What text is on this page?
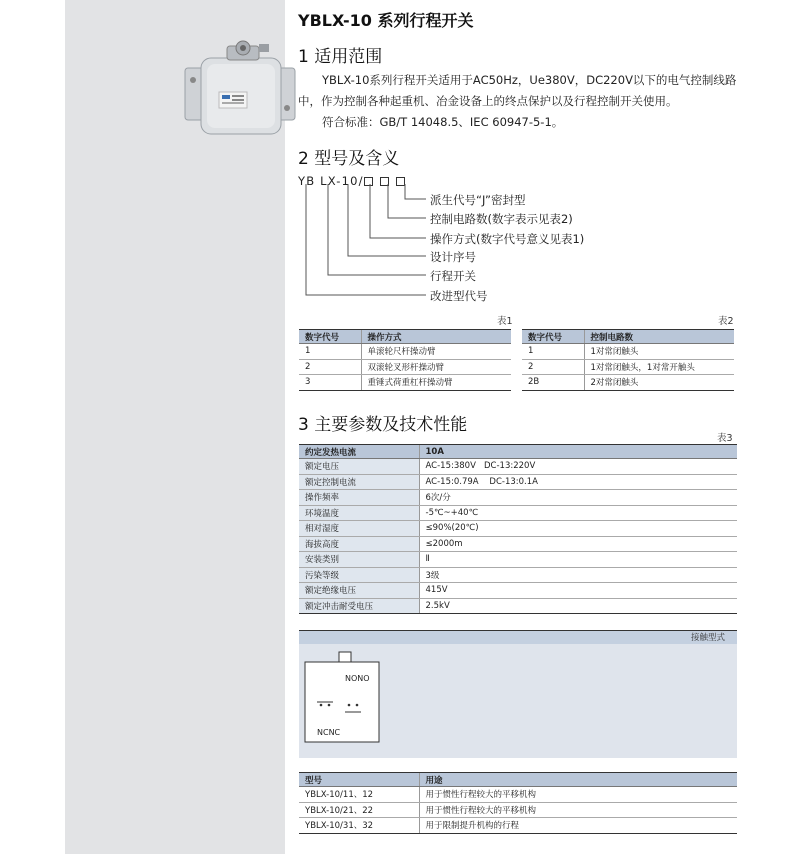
YBLX-10 系列行程开关
1 适用范围
YBLX-10系列行程开关适用于AC50Hz，Ue380V，DC220V以下的电气控制线路中，作为控制各种起重机、冶金设备上的终点保护以及行程控制开关使用。
符合标准：GB/T 14048.5、IEC 60947-5-1。
2 型号及含义
YB LX-10/
派生代号“J”密封型
控制电路数(数字表示见表2)
操作方式(数字代号意义见表1)
设计序号
行程开关
改进型代号
表1
数字代号	操作方式
1	单滚轮尺杆操动臂
2	双滚轮叉形杆操动臂
3	重锤式荷重杠杆操动臂
表2
数字代号	控制电路数
1	1对常闭触头
2	1对常闭触头，1对常开触头
2B	2对常闭触头
3 主要参数及技术性能
表3
约定发热电流	10A
额定电压	AC-15:380V   DC-13:220V
额定控制电流	AC-15:0.79A    DC-13:0.1A
操作频率	6次/分
环境温度	-5℃~+40℃
相对湿度	≤90%(20℃)
海拔高度	≤2000m
安装类别	Ⅱ
污染等级	3级
额定绝缘电压	415V
额定冲击耐受电压	2.5kV
接触型式
NONO
NCNC
型号	用途
YBLX-10/11、12	用于惯性行程较大的平移机构
YBLX-10/21、22	用于惯性行程较大的平移机构
YBLX-10/31、32	用于限制提升机构的行程
